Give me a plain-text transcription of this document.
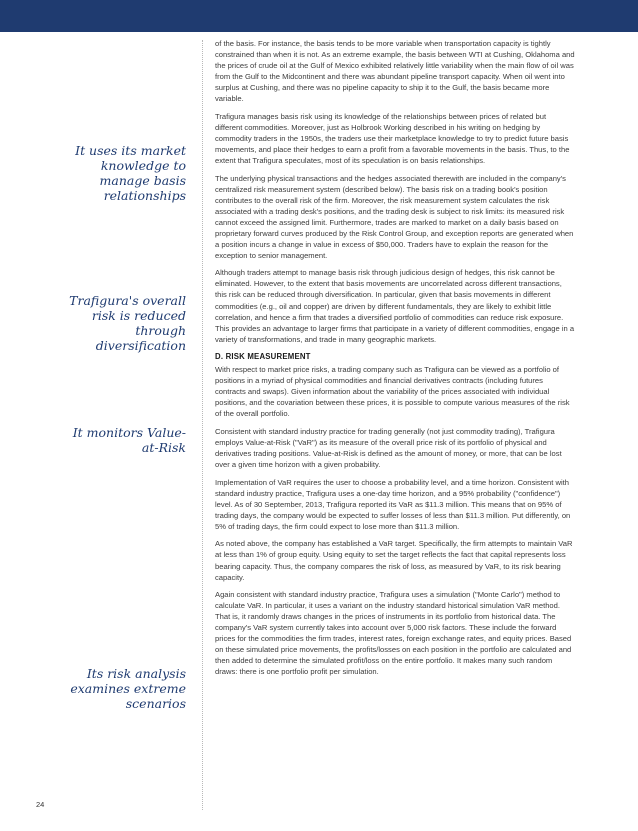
It uses its market knowledge to manage basis relationships
Trafigura's overall risk is reduced through diversification
It monitors Value-at-Risk
Its risk analysis examines extreme scenarios

of the basis. For instance, the basis tends to be more variable when transportation capacity is tightly constrained than when it is not. As an extreme example, the basis between WTI at Cushing, Oklahoma and the prices of crude oil at the Gulf of Mexico exhibited relatively little variability when the main flow of oil was from the Gulf to the Midcontinent and there was abundant pipeline transport capacity. When oil went into surplus at Cushing, and there was no pipeline capacity to ship it to the Gulf, the basis became more variable.

Trafigura manages basis risk using its knowledge of the relationships between prices of related but different commodities. Moreover, just as Holbrook Working described in his writing on hedging by commodity traders in the 1950s, the traders use their marketplace knowledge to try to predict future basis movements, and place their hedges to earn a profit from a favorable movements in the basis. Thus, to the extent that Trafigura speculates, most of its speculation is on basis relationships.

The underlying physical transactions and the hedges associated therewith are included in the company's centralized risk measurement system (described below). The basis risk on a trading book's position contributes to the overall risk of the firm. Moreover, the risk measurement system calculates the risk associated with a trading desk's positions, and the trading desk is subject to risk limits: its measured risk cannot exceed the assigned limit. Furthermore, trades are marked to market on a daily basis based on proprietary forward curves produced by the Risk Control Group, and exception reports are generated when a position incurs a change in value in excess of $50,000. Traders have to explain the reason for the exception to senior management.

Although traders attempt to manage basis risk through judicious design of hedges, this risk cannot be eliminated. However, to the extent that basis movements are uncorrelated across different transactions, this risk can be reduced through diversification. In particular, given that basis movements in different commodities (e.g., oil and copper) are driven by different fundamentals, they are likely to exhibit little correlation, and hence a firm that trades a diversified portfolio of commodities can reduce risk exposure. This provides an advantage to larger firms that participate in a variety of different commodities, engage in a variety of transformations, and trade in many geographic markets.

D. RISK MEASUREMENT

With respect to market price risks, a trading company such as Trafigura can be viewed as a portfolio of positions in a myriad of physical commodities and financial derivatives contracts (including futures contracts and swaps). Given information about the variability of the prices associated with individual positions, and the covariation between these prices, it is possible to compute various measures of the risk of the overall portfolio.

Consistent with standard industry practice for trading generally (not just commodity trading), Trafigura employs Value-at-Risk ("VaR") as its measure of the overall price risk of its portfolio of physical and derivatives trading positions. Value-at-Risk is defined as the amount of money, or more, that can be lost over a given time horizon with a given probability.

Implementation of VaR requires the user to choose a probability level, and a time horizon. Consistent with standard industry practice, Trafigura uses a one-day time horizon, and a 95% probability ("confidence") level. As of 30 September, 2013, Trafigura reported its VaR as $11.3 million. This means that on 95% of trading days, the company would be expected to suffer losses of less than $11.3 million. Put differently, on 5% of trading days, the firm could expect to lose more than $11.3 million.

As noted above, the company has established a VaR target. Specifically, the firm attempts to maintain VaR at less than 1% of group equity. Using equity to set the target reflects the fact that capital represents loss bearing capacity. Thus, the company compares the risk of loss, as measured by VaR, to its risk bearing capacity.

Again consistent with standard industry practice, Trafigura uses a simulation ("Monte Carlo") method to calculate VaR. In particular, it uses a variant on the industry standard historical simulation VaR method. That is, it randomly draws changes in the prices of instruments in its portfolio from historical data. The company's VaR system currently takes into account over 5,000 risk factors. These include the forward prices for the commodities the firm trades, interest rates, foreign exchange rates, and equity prices. Based on these simulated price movements, the profits/losses on each position in the portfolio are calculated and then added to determine the simulated profit/loss on the entire portfolio. It makes many such random draws: there is one portfolio profit per simulation.

24
